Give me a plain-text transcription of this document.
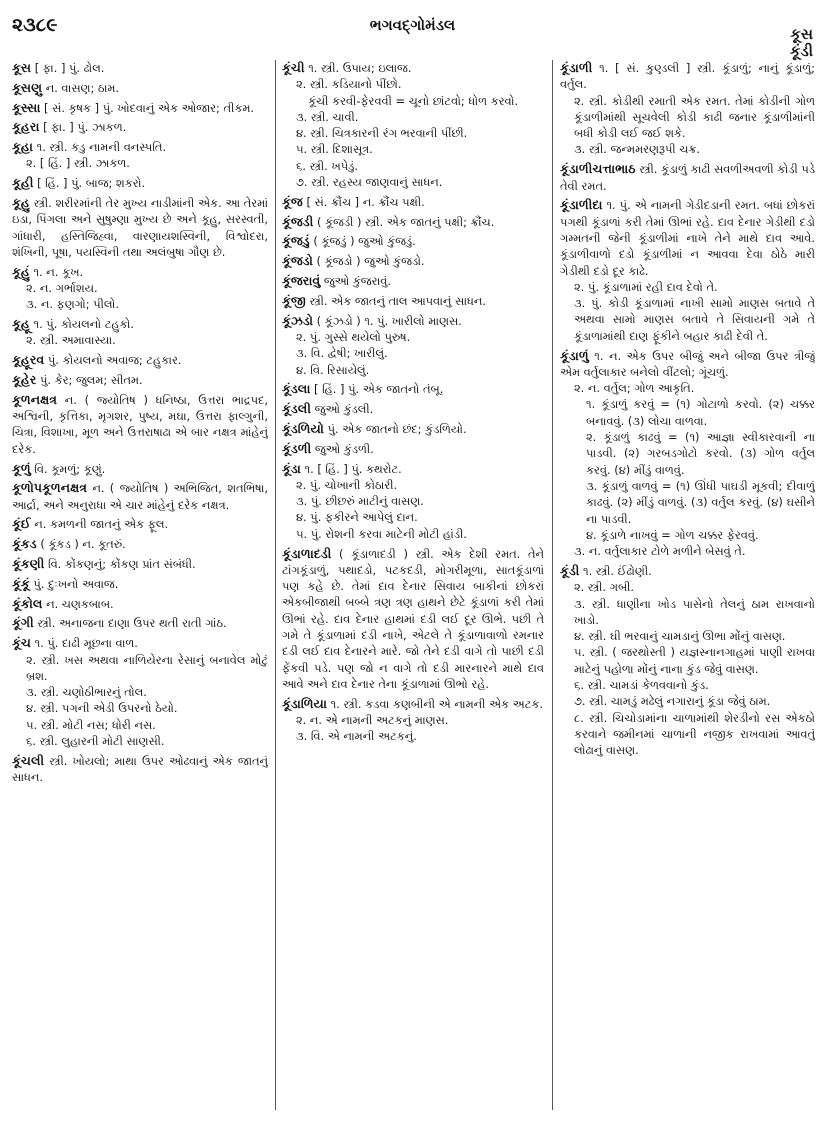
૨૩૮૯	ભગવદ્ગોમંડલ	કૂસ
કૂંડી

કૂસ [ ફા. ] પું. ઢોલ.

કૂસણુ ન. વાસણ; ઠામ.

કૂસ્સા [ સં. કૃષક ] પું. ખોદવાનું એક ઓજાર; તીકમ.

કૂહરા [ ફા. ] પું. ઝાકળ.

કૂહા ૧. સ્ત્રી. કડુ નામની વનસ્પતિ.

૨. [ હિં. ] સ્ત્રી. ઝાકળ.

કૂહી [ હિં. ] પું. બાજ; શકરો.

કૂહુ સ્ત્રી. શરીરમાંની તેર મુખ્ય નાડીમાંની એક. આ તેરમાં ઇડા, પિંગલા અને સુષુમ્ણા મુખ્ય છે અને કૂહુ, સરસ્વતી, ગાંધારી, હસ્તિજિહ્વા, વારણાયશસ્વિની, વિશ્વોદરા, શંખિની, પૂષા, પયસ્વિની તથા અલંબુષા ગૌણ છે.

કૂહું ૧. ન. કૂખ.

૨. ન. ગર્ભાશય.

૩. ન. ફણગો; પીલો.

કૂહૂ ૧. પું. કોયલનો ટહુકો.

૨. સ્ત્રી. અમાવાસ્યા.

કૂહૂરવ પું. કોયલનો અવાજ; ટહુકાર.

કૂહેર પું. કેર; જુલમ; સીતમ.

કૂળનક્ષત્ર ન. ( જ્યોતિષ ) ધનિષ્ઠા, ઉત્તરા ભાદ્રપદ, અશ્વિની, કૃત્તિકા, મૃગશર, પુષ્ય, મઘા, ઉત્તરા ફાલ્ગુની, ચિત્રા, વિશાખા, મૂળ અને ઉત્તરાષાઢા એ બાર નક્ષત્ર માંહેનું દરેક.

કૂળું વિ. કૂમળું; કૂણું.

કૂળોપકૂળનક્ષત્ર ન. ( જ્યોતિષ ) અભિજિત, શતભિષા, આર્દ્રા, અને અનુરાધા એ ચાર માંહેનું દરેક નક્ષત્ર.

કૂંઈ ન. કમળની જાતનું એક ફૂલ.

કૂંકડ ( કૂંકડ ) ન. કૂતરું.

કૂંકણી વિ. કોંકણનું; કોંકણ પ્રાંત સંબંધી.

કૂંકૂં પું. દુઃખનો અવાજ.

કૂંકોલ ન. ચણકબાબ.

કૂંગી સ્ત્રી. અનાજના દાણા ઉપર થતી રાતી ગાંઠ.

કૂંચ ૧. પું. દાઢી મૂછના વાળ.

૨. સ્ત્રી. ખસ અથવા નાળિયેરના રેસાનું બનાવેલ મોટું બ્રશ.

૩. સ્ત્રી. ચણોઠીભારનું તોલ.

૪. સ્ત્રી. પગની એડી ઉપરનો ઠેયો.

૫. સ્ત્રી. મોટી નસ; ધોરી નસ.

૬. સ્ત્રી. લુહારની મોટી સાણસી.

કૂંચલી સ્ત્રી. ખોયલો; માથા ઉપર ઓઢવાનું એક જાતનું સાધન.

કૂંચી ૧. સ્ત્રી. ઉપાય; ઇલાજ.

૨. સ્ત્રી. કડિયાનો પીંછો.

કૂંચી કરવી-ફેરવવી = ચૂનો છાંટવો; ધોળ કરવો.

૩. સ્ત્રી. ચાવી.

૪. સ્ત્રી. ચિત્રકારની રંગ ભરવાની પીંછી.

૫. સ્ત્રી. દિશાસૂત્ર.

૬. સ્ત્રી. ખપેડું.

૭. સ્ત્રી. રહસ્ય જાણવાનું સાધન.

કૂંજ [ સં. ક્રૌંચ ] ન. ક્રૌંચ પક્ષી.

કૂંજડી ( કૂંજડી ) સ્ત્રી. એક જાતનું પક્ષી; ક્રૌંચ.

કૂંજડું ( કૂંજડું ) જુઓ કુંજડું.

કૂંજડો ( કૂંજડો ) જુઓ કુંજડો.

કૂંજરાવું જુઓ કુંજરાવું.

કૂંજી સ્ત્રી. એક જાતનું તાલ આપવાનું સાધન.

કૂંઝડો ( કૂંઝડો ) ૧. પું. ખારીલો માણસ.

૨. પું. ગુસ્સે થયેલો પુરુષ.

૩. વિ. દ્વેષી; ખારીલું.

૪. વિ. રિસાયેલું.

કૂંડલા [ હિં. ] પું. એક જાતનો તંબૂ.

કૂંડલી જુઓ કુંડલી.

કૂંડળિયો પું. એક જાતનો છંદ; કુંડળિયો.

કૂંડળી જુઓ કુંડળી.

કૂંડા ૧. [ હિં. ] પું. કથરોટ.

૨. પું. ચોખાની કોઠારી.

૩. પું. છીછરું માટીનું વાસણ.

૪. પું. ફકીરને આપેલું દાન.

૫. પું. રોશની કરવા માટેની મોટી હાંડી.

કૂંડાળાદડી ( કૂંડાળાદડી ) સ્ત્રી. એક દેશી રમત. તેને ટાંગકૂંડાળું, પથાદડો, પટકદડી, મોગરીમૂળા, સાતકૂંડાળાં પણ કહે છે. તેમાં દાવ દેનાર સિવાય બાકીનાં છોકરાં એકબીજાથી બબ્બે ત્રણ ત્રણ હાથને છેટે કૂંડાળાં કરી તેમાં ઊભાં રહે. દાવ દેનાર હાથમાં દડી લઈ દૂર ઊભે. પછી તે ગમે તે કૂંડાળામાં દડી નાખે, એટલે તે કૂંડાળાવાળો રમનાર દડી લઈ દાવ દેનારને મારે. જો તેને દડી વાગે તો પાછી દડી ફેંકવી પડે. પણ જો ન વાગે તો દડી મારનારને માથે દાવ આવે અને દાવ દેનાર તેના કૂંડાળામાં ઊભો રહે.

કૂંડાળિયા ૧. સ્ત્રી. કડવા કણબીની એ નામની એક અટક.

૨. ન. એ નામની અટકનું માણસ.

૩. વિ. એ નામની અટકનું.

કૂંડાળી ૧. [ સં. કુણ્ડલી ] સ્ત્રી. કૂંડાળું; નાનું કૂંડાળું; વર્તુલ.

૨. સ્ત્રી. કોડીથી રમાતી એક રમત. તેમાં કોડીની ગોળ કૂંડાળીમાંથી સૂચવેલી કોડી કાઢી જનાર કૂંડાળીમાંની બધી કોડી લઈ જઈ શકે.

૩. સ્ત્રી. જન્મમરણરૂપી ચક્ર.

કૂંડાળીચત્તાભાઠ સ્ત્રી. કૂંડાળું કાઢી સવળીઅવળી કોડી પડે તેવી રમત.

કૂંડાળીદા ૧. પું. એ નામની ગેડીદડાની રમત. બધાં છોકરાં પગથી કૂંડાળાં કરી તેમાં ઊભાં રહે. દાવ દેનાર ગેડીથી દડો ગમ્મતની જેની કૂંડાળીમાં નાખે તેને માથે દાવ આવે. કૂંડાળીવાળો દડો કૂંડાળીમાં ન આવવા દેવા ઠોઠે મારી ગેડીથી દડો દૂર કાઢે.

૨. પું. કૂંડાળામાં રહી દાવ દેવો તે.

૩. પું. કોડી કૂંડાળામાં નાખી સામો માણસ બતાવે તે અથવા સામો માણસ બતાવે તે સિવાયની ગમે તે કૂંડાળામાંથી દાણ ફૂંકીને બહાર કાઢી દેવી તે.

કૂંડાળું ૧. ન. એક ઉપર બીજું અને બીજા ઉપર ત્રીજું એમ વર્તુલાકાર બનેલો વીંટલો; ગૂંચળું.

૨. ન. વર્તુલ; ગોળ આકૃતિ.

૧. કૂંડાળું કરવું = (૧) ગોટાળો કરવો. (૨) ચક્કર બનાવવું. (૩) લોચા વાળવા.

૨. કૂંડાળું કાઢવું = (૧) આજ્ઞા સ્વીકારવાની ના પાડવી. (૨) ગરબડગોટો કરવો. (૩) ગોળ વર્તુલ કરવું. (૪) મીંડું વાળવું.

૩. કૂંડાળું વાળવું = (૧) ઊંધી પાઘડી મૂકવી; દીવાળું કાઢવું. (૨) મીંડું વાળવું. (૩) વર્તુલ કરવું. (૪) ઘસીને ના પાડવી.

૪. કૂંડાળે નાખવું = ગોળ ચક્કર ફેરવવું.

૩. ન. વર્તુલાકાર ટોળે મળીને બેસવું તે.

કૂંડી ૧. સ્ત્રી. ઈંઢોણી.

૨. સ્ત્રી. ગબી.

૩. સ્ત્રી. ધાણીના ખોડ પાસેનો તેલનું ઠામ રાખવાનો ખાડો.

૪. સ્ત્રી. ઘી ભરવાનું ચામડાનું ઊભા મોંનું વાસણ.

૫. સ્ત્રી. ( જરથોસ્તી ) યજ્ઞસ્નાનગાહમાં પાણી રાખવા માટેનું પહોળા મોંનું નાના કુંડ જેવું વાસણ.

૬. સ્ત્રી. ચામડાં કેળવવાનો કુંડ.

૭. સ્ત્રી. ચામડું મઢેલું નગારાનું કૂંડા જેવું ઠામ.

૮. સ્ત્રી. ચિચોડામાંના ચાળામાંથી શેરડીનો રસ એકઠો કરવાને જમીનમાં ચાળાની નજીક રાખવામાં આવતું લોઢાનું વાસણ.
